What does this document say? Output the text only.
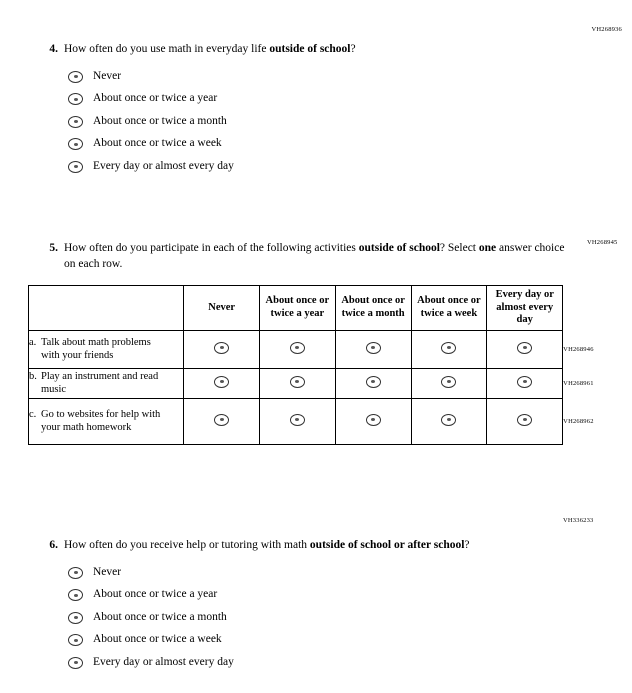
VH268936
4. How often do you use math in everyday life outside of school?
Never
About once or twice a year
About once or twice a month
About once or twice a week
Every day or almost every day
5. How often do you participate in each of the following activities outside of school? Select one answer choice on each row.
VH268945
	Never	About once or twice a year	About once or twice a month	About once or twice a week	Every day or almost every day	
a. Talk about math problems with your friends						VH268946
b. Play an instrument and read music						VH268961
c. Go to websites for help with your math homework						VH268962
VH336233
6. How often do you receive help or tutoring with math outside of school or after school?
Never
About once or twice a year
About once or twice a month
About once or twice a week
Every day or almost every day
